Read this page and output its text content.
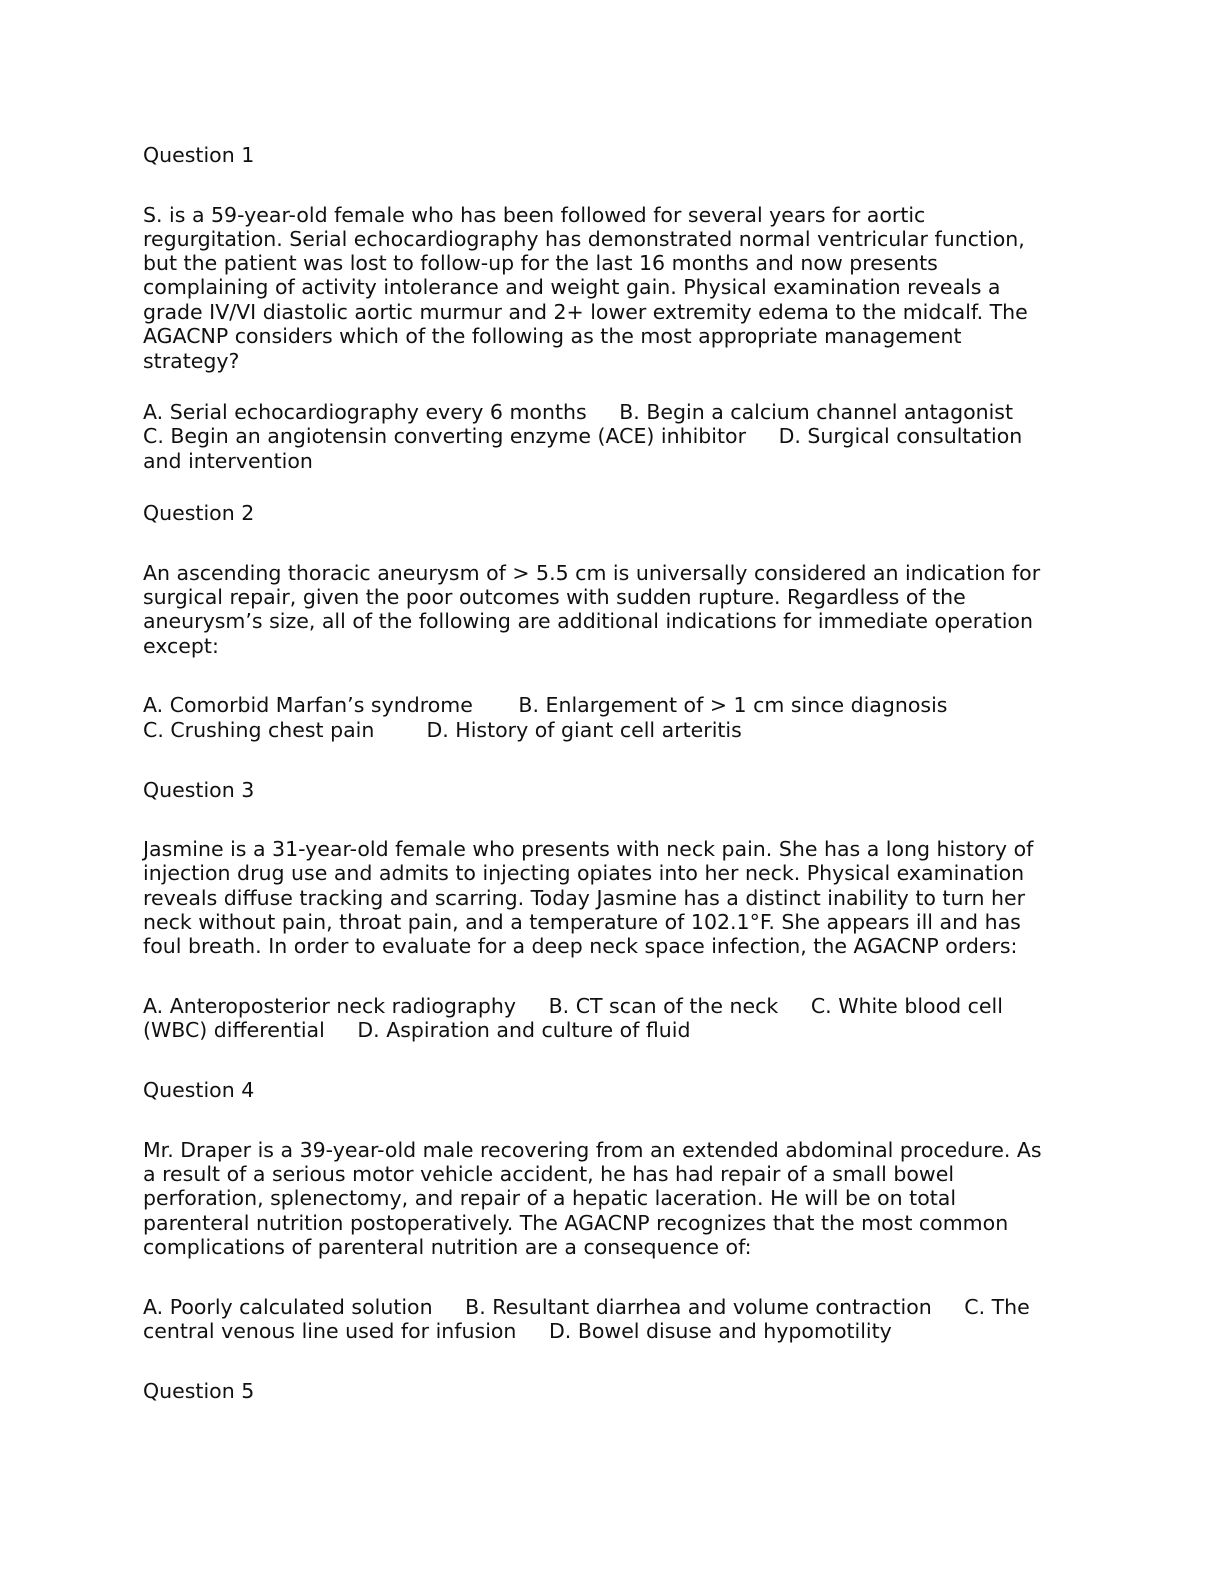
Question 1
S. is a 59-year-old female who has been followed for several years for aortic
regurgitation. Serial echocardiography has demonstrated normal ventricular function,
but the patient was lost to follow-up for the last 16 months and now presents
complaining of activity intolerance and weight gain. Physical examination reveals a
grade IV/VI diastolic aortic murmur and 2+ lower extremity edema to the midcalf. The
AGACNP considers which of the following as the most appropriate management
strategy?
A. Serial echocardiography every 6 months     B. Begin a calcium channel antagonist
C. Begin an angiotensin converting enzyme (ACE) inhibitor     D. Surgical consultation
and intervention
Question 2
An ascending thoracic aneurysm of > 5.5 cm is universally considered an indication for
surgical repair, given the poor outcomes with sudden rupture. Regardless of the
aneurysm’s size, all of the following are additional indications for immediate operation
except:
A. Comorbid Marfan’s syndrome       B. Enlargement of > 1 cm since diagnosis
C. Crushing chest pain        D. History of giant cell arteritis
Question 3
Jasmine is a 31-year-old female who presents with neck pain. She has a long history of
injection drug use and admits to injecting opiates into her neck. Physical examination
reveals diffuse tracking and scarring. Today Jasmine has a distinct inability to turn her
neck without pain, throat pain, and a temperature of 102.1°F. She appears ill and has
foul breath. In order to evaluate for a deep neck space infection, the AGACNP orders:
A. Anteroposterior neck radiography     B. CT scan of the neck     C. White blood cell
(WBC) differential     D. Aspiration and culture of fluid
Question 4
Mr. Draper is a 39-year-old male recovering from an extended abdominal procedure. As
a result of a serious motor vehicle accident, he has had repair of a small bowel
perforation, splenectomy, and repair of a hepatic laceration. He will be on total
parenteral nutrition postoperatively. The AGACNP recognizes that the most common
complications of parenteral nutrition are a consequence of:
A. Poorly calculated solution     B. Resultant diarrhea and volume contraction     C. The
central venous line used for infusion     D. Bowel disuse and hypomotility
Question 5
